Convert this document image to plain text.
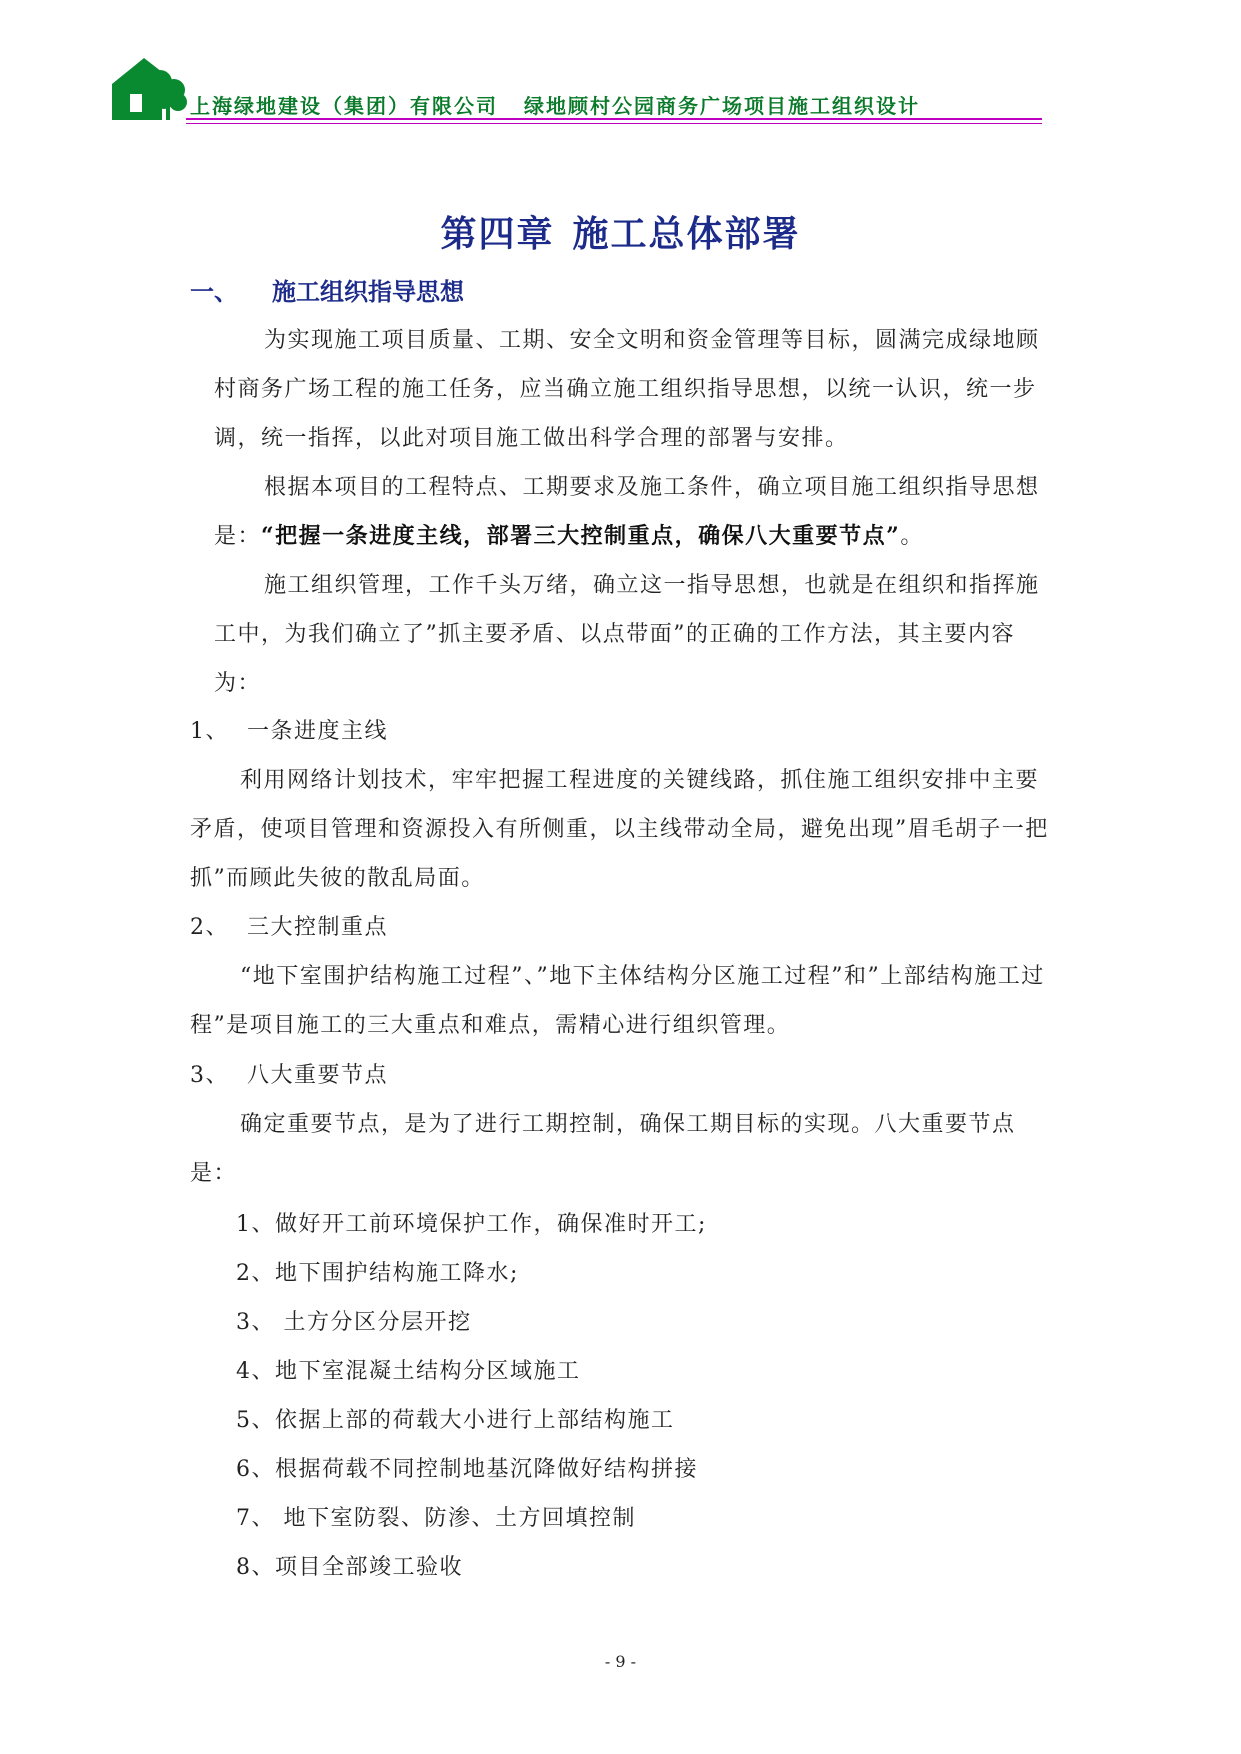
上海绿地建设（集团）有限公司 绿地顾村公园商务广场项目施工组织设计
第四章 施工总体部署
一、 施工组织指导思想
为实现施工项目质量、工期、安全文明和资金管理等目标，圆满完成绿地顾村商务广场工程的施工任务，应当确立施工组织指导思想，以统一认识，统一步调，统一指挥，以此对项目施工做出科学合理的部署与安排。
根据本项目的工程特点、工期要求及施工条件，确立项目施工组织指导思想是：“把握一条进度主线，部署三大控制重点，确保八大重要节点”。
施工组织管理，工作千头万绪，确立这一指导思想，也就是在组织和指挥施工中，为我们确立了”抓主要矛盾、以点带面”的正确的工作方法，其主要内容为：
1、 一条进度主线
利用网络计划技术，牢牢把握工程进度的关键线路，抓住施工组织安排中主要矛盾，使项目管理和资源投入有所侧重，以主线带动全局，避免出现”眉毛胡子一把抓”而顾此失彼的散乱局面。
2、 三大控制重点
“地下室围护结构施工过程”、”地下主体结构分区施工过程”和”上部结构施工过程”是项目施工的三大重点和难点，需精心进行组织管理。
3、 八大重要节点
确定重要节点，是为了进行工期控制，确保工期目标的实现。八大重要节点是：
1、做好开工前环境保护工作，确保准时开工;
2、地下围护结构施工降水;
3、 土方分区分层开挖
4、地下室混凝土结构分区域施工
5、依据上部的荷载大小进行上部结构施工
6、根据荷载不同控制地基沉降做好结构拼接
7、 地下室防裂、防渗、土方回填控制
8、项目全部竣工验收
- 9 -
